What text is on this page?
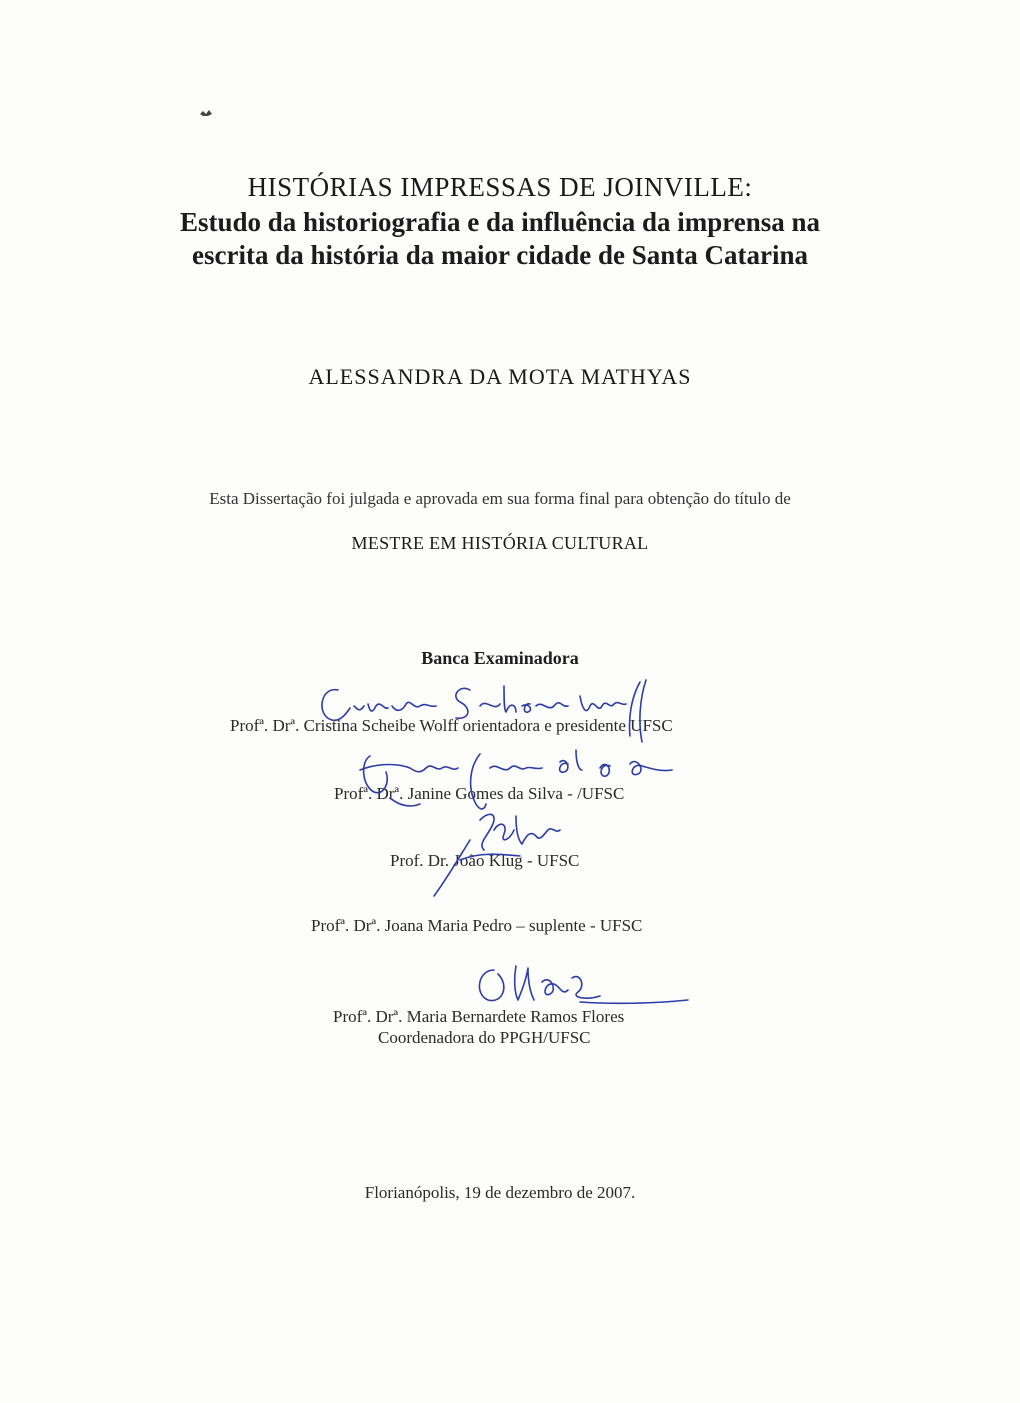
HISTÓRIAS IMPRESSAS DE JOINVILLE:
Estudo da historiografia e da influência da imprensa na
escrita da história da maior cidade de Santa Catarina
ALESSANDRA DA MOTA MATHYAS
Esta Dissertação foi julgada e aprovada em sua forma final para obtenção do título de
MESTRE EM HISTÓRIA CULTURAL
Banca Examinadora
Profª. Drª. Cristina Scheibe Wolff orientadora e presidente UFSC
Profª. Drª. Janine Gomes da Silva - /UFSC
Prof. Dr. João Klug - UFSC
Profª. Drª. Joana Maria Pedro – suplente - UFSC
Profª. Drª. Maria Bernardete Ramos Flores
Coordenadora do PPGH/UFSC
Florianópolis, 19 de dezembro de 2007.
